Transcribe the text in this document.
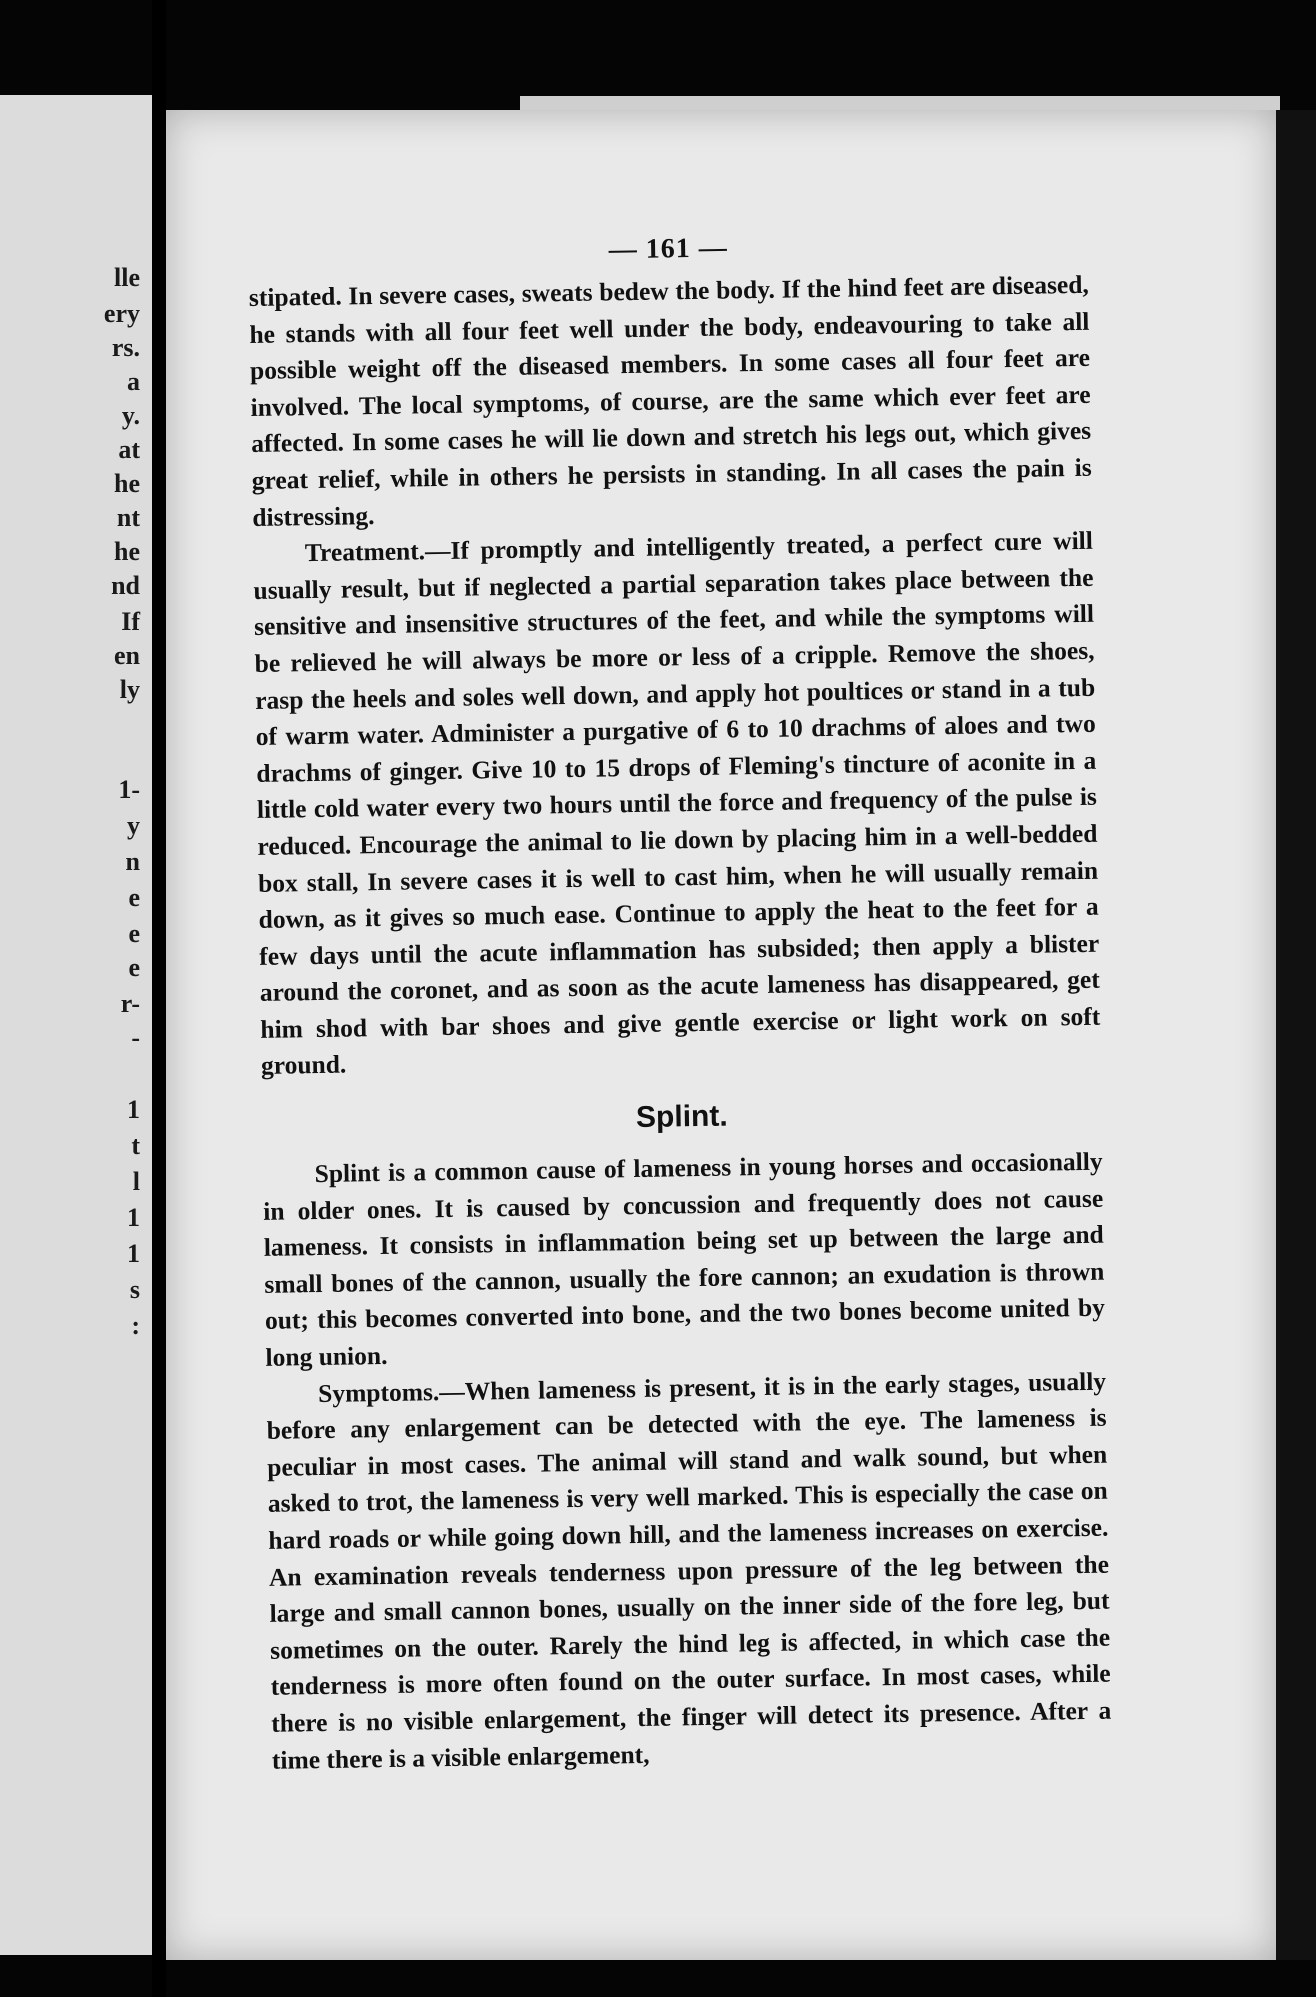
lle
ery
rs.
a
y.
at
he
nt
he
nd
If
en
ly
1-
y
n
e
e
e
r-
-
1
t
l
1
1
s
:
— 161 —

stipated. In severe cases, sweats bedew the body. If the hind feet are diseased, he stands with all four feet well under the body, endeavouring to take all possible weight off the diseased members. In some cases all four feet are involved. The local symptoms, of course, are the same which ever feet are affected. In some cases he will lie down and stretch his legs out, which gives great relief, while in others he persists in standing. In all cases the pain is distressing.

Treatment.—If promptly and intelligently treated, a perfect cure will usually result, but if neglected a partial separation takes place between the sensitive and insensitive structures of the feet, and while the symptoms will be relieved he will always be more or less of a cripple. Remove the shoes, rasp the heels and soles well down, and apply hot poultices or stand in a tub of warm water. Administer a purgative of 6 to 10 drachms of aloes and two drachms of ginger. Give 10 to 15 drops of Fleming's tincture of aconite in a little cold water every two hours until the force and frequency of the pulse is reduced. Encourage the animal to lie down by placing him in a well-bedded box stall, In severe cases it is well to cast him, when he will usually remain down, as it gives so much ease. Continue to apply the heat to the feet for a few days until the acute inflammation has subsided; then apply a blister around the coronet, and as soon as the acute lameness has disappeared, get him shod with bar shoes and give gentle exercise or light work on soft ground.

Splint.

Splint is a common cause of lameness in young horses and occasionally in older ones. It is caused by concussion and frequently does not cause lameness. It consists in inflammation being set up between the large and small bones of the cannon, usually the fore cannon; an exudation is thrown out; this becomes converted into bone, and the two bones become united by long union.

Symptoms.—When lameness is present, it is in the early stages, usually before any enlargement can be detected with the eye. The lameness is peculiar in most cases. The animal will stand and walk sound, but when asked to trot, the lameness is very well marked. This is especially the case on hard roads or while going down hill, and the lameness increases on exercise. An examination reveals tenderness upon pressure of the leg between the large and small cannon bones, usually on the inner side of the fore leg, but sometimes on the outer. Rarely the hind leg is affected, in which case the tenderness is more often found on the outer surface. In most cases, while there is no visible enlargement, the finger will detect its presence. After a time there is a visible enlargement,
